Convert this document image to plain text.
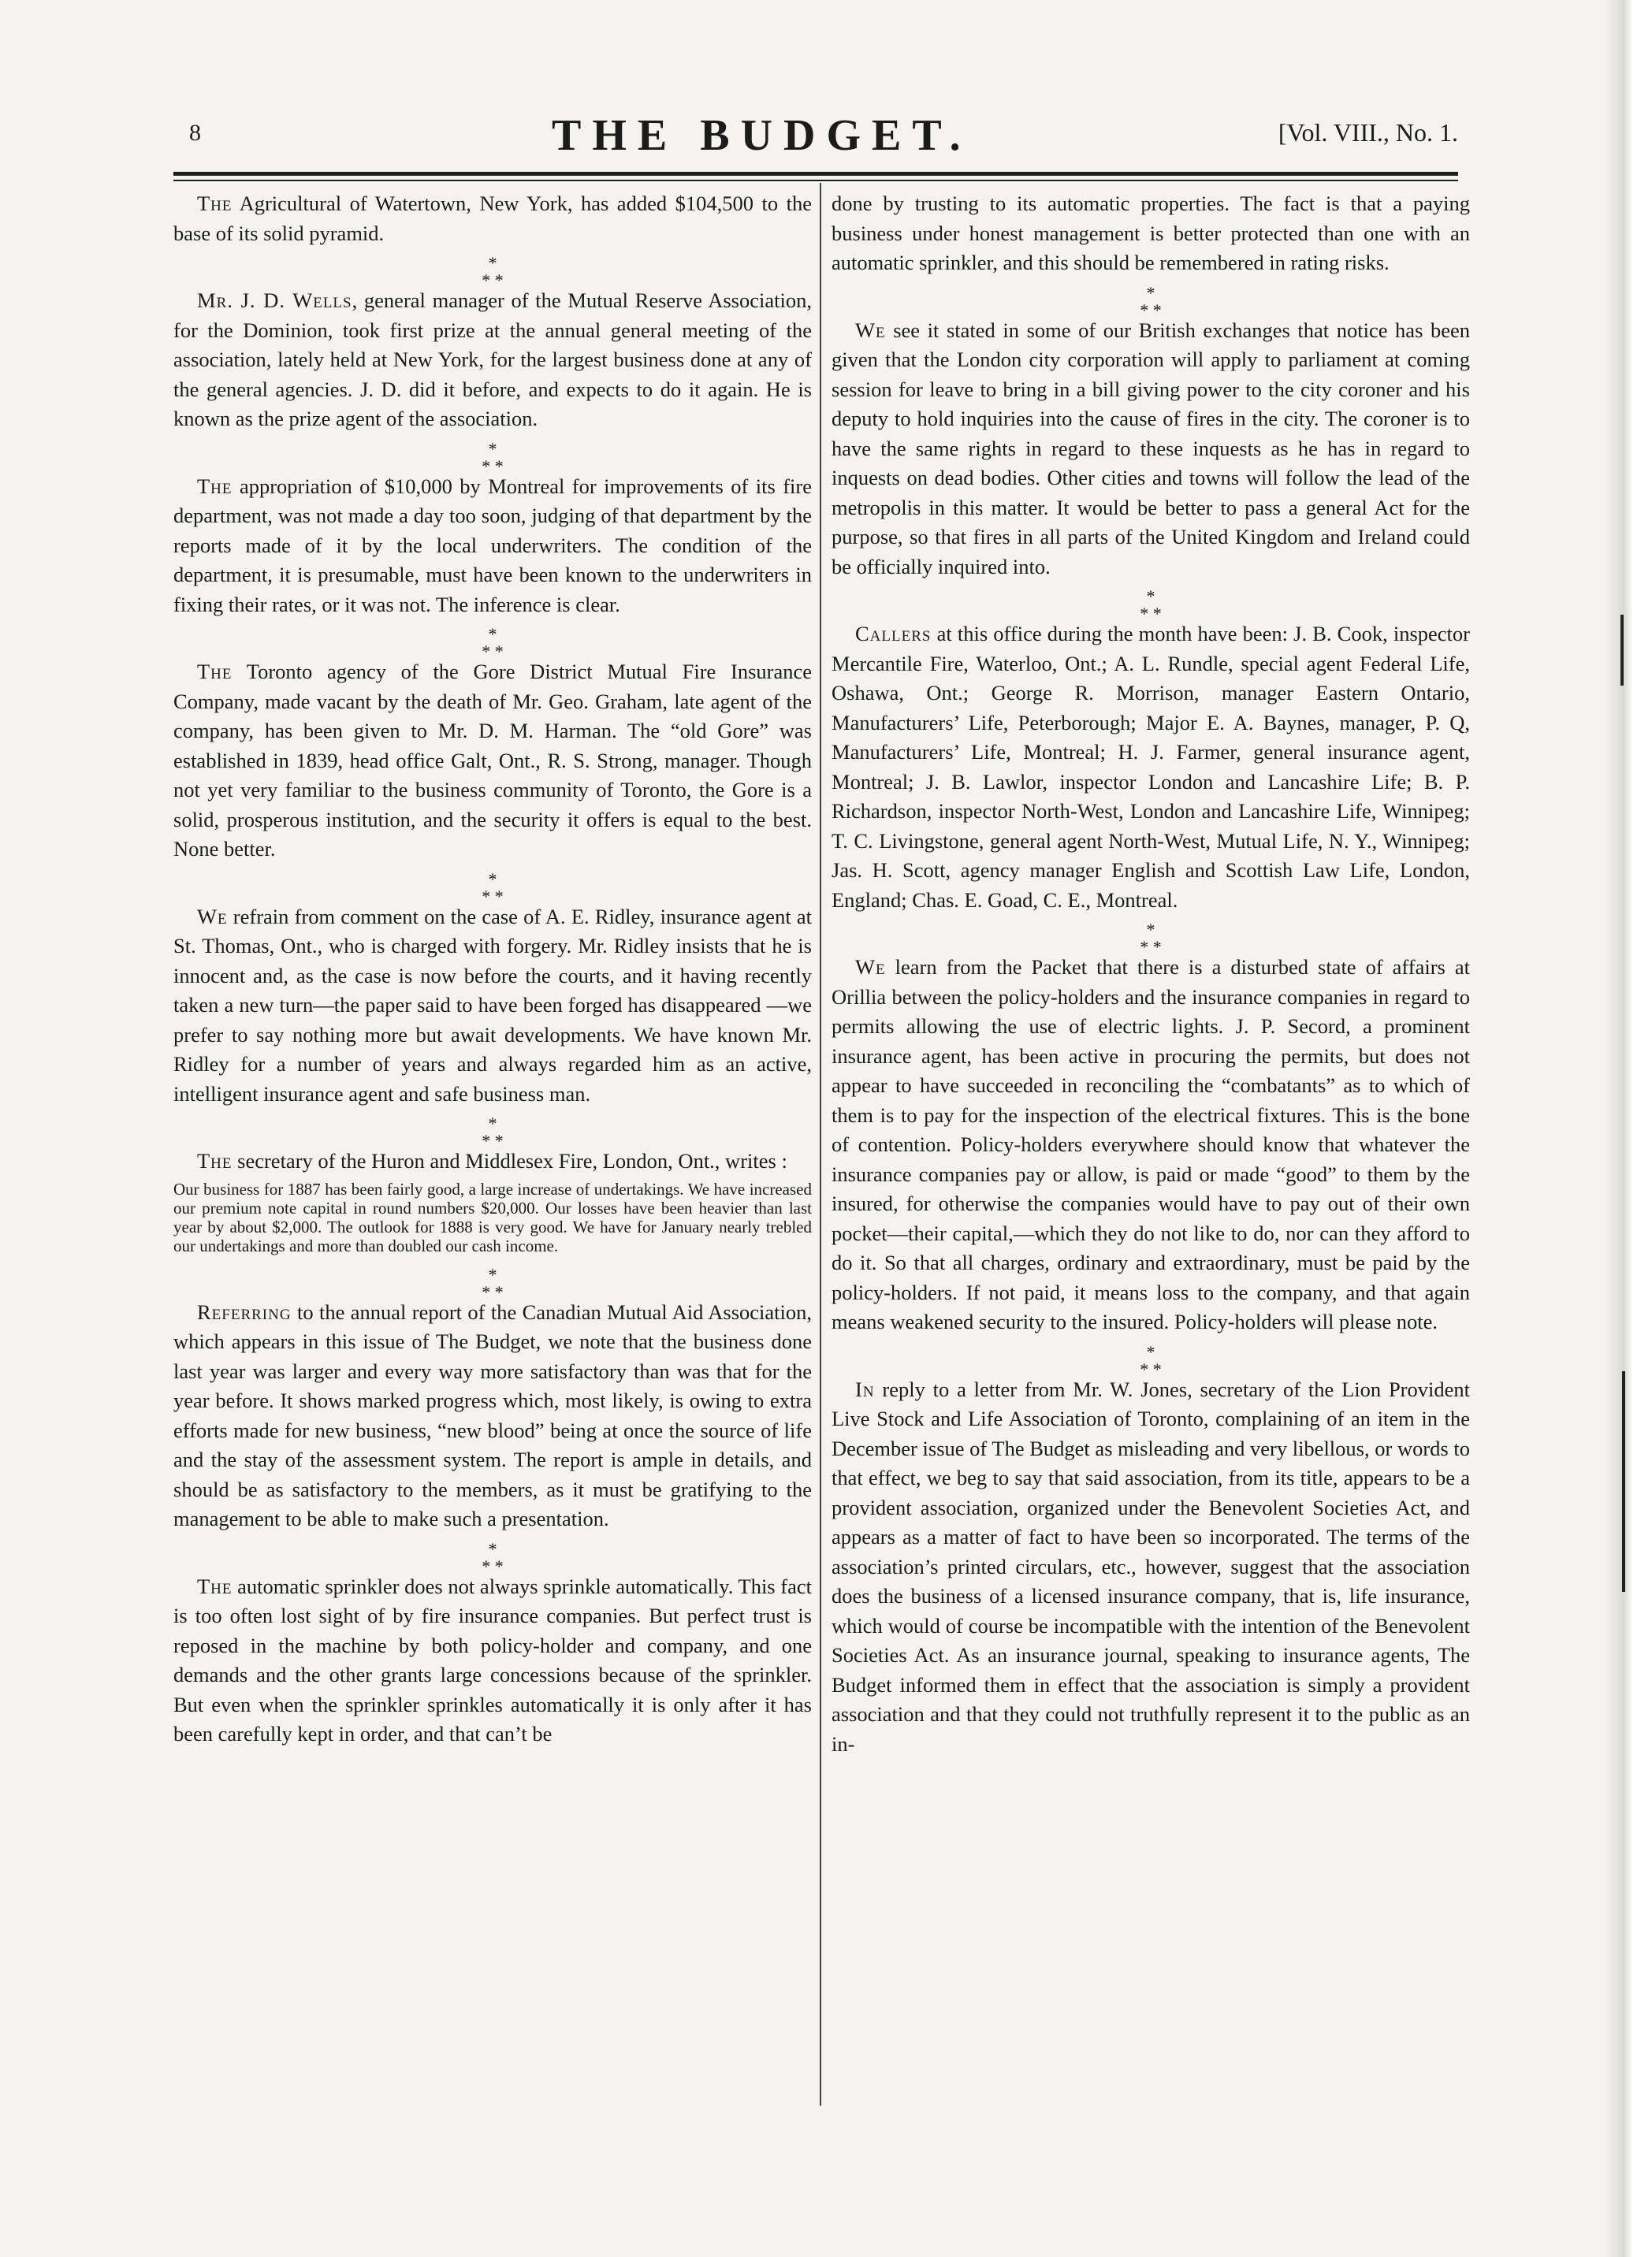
8	THE BUDGET.	[Vol. VIII., No. 1.

The Agricultural of Watertown, New York, has added $104,500 to the base of its solid pyramid.

*
* *

Mr. J. D. Wells, general manager of the Mutual Reserve Association, for the Dominion, took first prize at the annual general meeting of the association, lately held at New York, for the largest business done at any of the general agencies. J. D. did it before, and expects to do it again. He is known as the prize agent of the association.

*
* *

The appropriation of $10,000 by Montreal for improvements of its fire department, was not made a day too soon, judging of that department by the reports made of it by the local underwriters. The condition of the department, it is presumable, must have been known to the underwriters in fixing their rates, or it was not. The inference is clear.

*
* *

The Toronto agency of the Gore District Mutual Fire Insurance Company, made vacant by the death of Mr. Geo. Graham, late agent of the company, has been given to Mr. D. M. Harman. The “old Gore” was established in 1839, head office Galt, Ont., R. S. Strong, manager. Though not yet very familiar to the business community of Toronto, the Gore is a solid, prosperous institution, and the security it offers is equal to the best. None better.

*
* *

We refrain from comment on the case of A. E. Ridley, insurance agent at St. Thomas, Ont., who is charged with forgery. Mr. Ridley insists that he is innocent and, as the case is now before the courts, and it having recently taken a new turn—the paper said to have been forged has disappeared —we prefer to say nothing more but await developments. We have known Mr. Ridley for a number of years and always regarded him as an active, intelligent insurance agent and safe business man.

*
* *

The secretary of the Huron and Middlesex Fire, London, Ont., writes :

Our business for 1887 has been fairly good, a large increase of undertakings. We have increased our premium note capital in round numbers $20,000. Our losses have been heavier than last year by about $2,000. The outlook for 1888 is very good. We have for January nearly trebled our undertakings and more than doubled our cash income.

*
* *

Referring to the annual report of the Canadian Mutual Aid Association, which appears in this issue of The Budget, we note that the business done last year was larger and every way more satisfactory than was that for the year before. It shows marked progress which, most likely, is owing to extra efforts made for new business, “new blood” being at once the source of life and the stay of the assessment system. The report is ample in details, and should be as satisfactory to the members, as it must be gratifying to the management to be able to make such a presentation.

*
* *

The automatic sprinkler does not always sprinkle automatically. This fact is too often lost sight of by fire insurance companies. But perfect trust is reposed in the machine by both policy-holder and company, and one demands and the other grants large concessions because of the sprinkler. But even when the sprinkler sprinkles automatically it is only after it has been carefully kept in order, and that can’t be

done by trusting to its automatic properties. The fact is that a paying business under honest management is better protected than one with an automatic sprinkler, and this should be remembered in rating risks.

*
* *

We see it stated in some of our British exchanges that notice has been given that the London city corporation will apply to parliament at coming session for leave to bring in a bill giving power to the city coroner and his deputy to hold inquiries into the cause of fires in the city. The coroner is to have the same rights in regard to these inquests as he has in regard to inquests on dead bodies. Other cities and towns will follow the lead of the metropolis in this matter. It would be better to pass a general Act for the purpose, so that fires in all parts of the United Kingdom and Ireland could be officially inquired into.

*
* *

Callers at this office during the month have been: J. B. Cook, inspector Mercantile Fire, Waterloo, Ont.; A. L. Rundle, special agent Federal Life, Oshawa, Ont.; George R. Morrison, manager Eastern Ontario, Manufacturers’ Life, Peterborough; Major E. A. Baynes, manager, P. Q, Manufacturers’ Life, Montreal; H. J. Farmer, general insurance agent, Montreal; J. B. Lawlor, inspector London and Lancashire Life; B. P. Richardson, inspector North-West, London and Lancashire Life, Winnipeg; T. C. Livingstone, general agent North-West, Mutual Life, N. Y., Winnipeg; Jas. H. Scott, agency manager English and Scottish Law Life, London, England; Chas. E. Goad, C. E., Montreal.

*
* *

We learn from the Packet that there is a disturbed state of affairs at Orillia between the policy-holders and the insurance companies in regard to permits allowing the use of electric lights. J. P. Secord, a prominent insurance agent, has been active in procuring the permits, but does not appear to have succeeded in reconciling the “combatants” as to which of them is to pay for the inspection of the electrical fixtures. This is the bone of contention. Policy-holders everywhere should know that whatever the insurance companies pay or allow, is paid or made “good” to them by the insured, for otherwise the companies would have to pay out of their own pocket—their capital,—which they do not like to do, nor can they afford to do it. So that all charges, ordinary and extraordinary, must be paid by the policy-holders. If not paid, it means loss to the company, and that again means weakened security to the insured. Policy-holders will please note.

*
* *

In reply to a letter from Mr. W. Jones, secretary of the Lion Provident Live Stock and Life Association of Toronto, complaining of an item in the December issue of The Budget as misleading and very libellous, or words to that effect, we beg to say that said association, from its title, appears to be a provident association, organized under the Benevolent Societies Act, and appears as a matter of fact to have been so incorporated. The terms of the association’s printed circulars, etc., however, suggest that the association does the business of a licensed insurance company, that is, life insurance, which would of course be incompatible with the intention of the Benevolent Societies Act. As an insurance journal, speaking to insurance agents, The Budget informed them in effect that the association is simply a provident association and that they could not truthfully represent it to the public as an in-
